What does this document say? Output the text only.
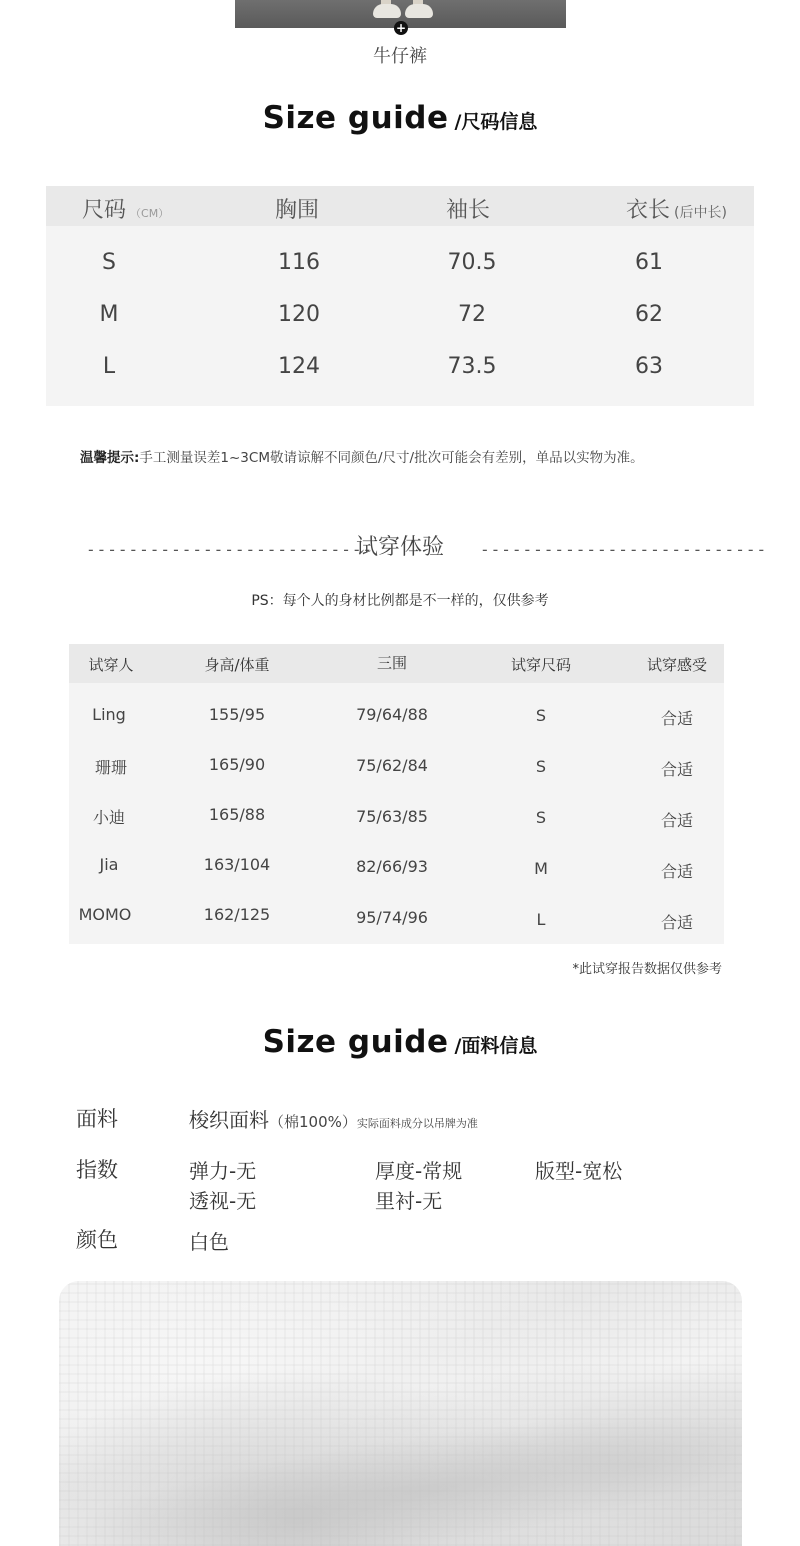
+
牛仔裤
Size guide /尺码信息
尺码 （CM）	胸围	袖长	衣长 (后中长)
S	116	70.5	61
M	120	72	62
L	124	73.5	63
温馨提示:手工测量误差1~3CM敬请谅解不同颜色/尺寸/批次可能会有差别，单品以实物为准。
---------------------------
试穿体验	---------------------------
PS：每个人的身材比例都是不一样的，仅供参考
试穿人	身高/体重	三围	试穿尺码	试穿感受
Ling	155/95	79/64/88	S	合适
珊珊	165/90	75/62/84	S	合适
小迪	165/88	75/63/85	S	合适
Jia	163/104	82/66/93	M	合适
MOMO	162/125	95/74/96	L	合适
*此试穿报告数据仅供参考
Size guide /面料信息
面料	梭织面料（棉100%）实际面料成分以吊牌为准
指数	弹力-无	厚度-常规	版型-宽松
透视-无	里衬-无
颜色	白色
